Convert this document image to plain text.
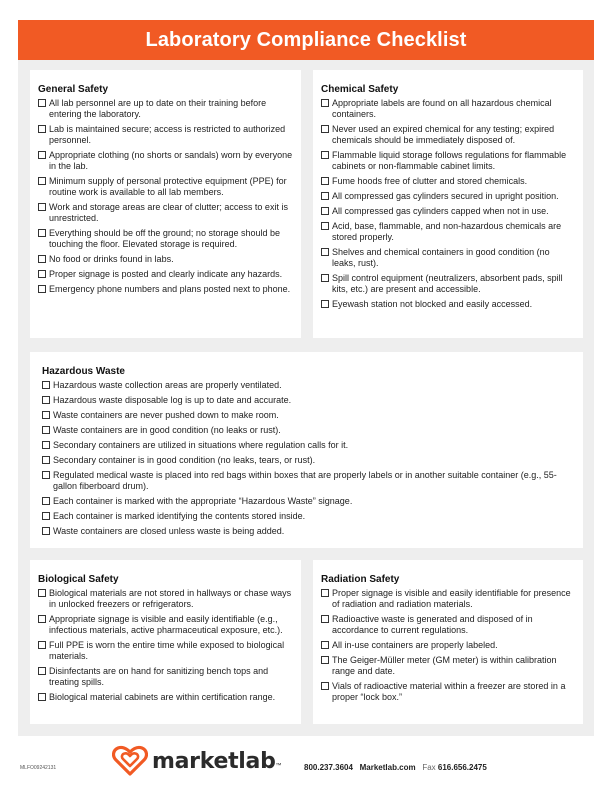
Laboratory Compliance Checklist
General Safety
All lab personnel are up to date on their training before entering the laboratory.
Lab is maintained secure; access is restricted to authorized personnel.
Appropriate clothing (no shorts or sandals) worn by everyone in the lab.
Minimum supply of personal protective equipment (PPE) for routine work is available to all lab members.
Work and storage areas are clear of clutter; access to exit is unrestricted.
Everything should be off the ground; no storage should be touching the floor. Elevated storage is required.
No food or drinks found in labs.
Proper signage is posted and clearly indicate any hazards.
Emergency phone numbers and plans posted next to phone.
Chemical Safety
Appropriate labels are found on all hazardous chemical containers.
Never used an expired chemical for any testing; expired chemicals should be immediately disposed of.
Flammable liquid storage follows regulations for flammable cabinets or non-flammable cabinet limits.
Fume hoods free of clutter and stored chemicals.
All compressed gas cylinders secured in upright position.
All compressed gas cylinders capped when not in use.
Acid, base, flammable, and non-hazardous chemicals are stored properly.
Shelves and chemical containers in good condition (no leaks, rust).
Spill control equipment (neutralizers, absorbent pads, spill kits, etc.) are present and accessible.
Eyewash station not blocked and easily accessed.
Hazardous Waste
Hazardous waste collection areas are properly ventilated.
Hazardous waste disposable log is up to date and accurate.
Waste containers are never pushed down to make room.
Waste containers are in good condition (no leaks or rust).
Secondary containers are utilized in situations where regulation calls for it.
Secondary container is in good condition (no leaks, tears, or rust).
Regulated medical waste is placed into red bags within boxes that are properly labels or in another suitable container (e.g., 55-gallon fiberboard drum).
Each container is marked with the appropriate “Hazardous Waste” signage.
Each container is marked identifying the contents stored inside.
Waste containers are closed unless waste is being added.
Biological Safety
Biological materials are not stored in hallways or chase ways in unlocked freezers or refrigerators.
Appropriate signage is visible and easily identifiable (e.g., infectious materials, active pharmaceutical exposure, etc.).
Full PPE is worn the entire time while exposed to biological materials.
Disinfectants are on hand for sanitizing bench tops and treating spills.
Biological material cabinets are within certification range.
Radiation Safety
Proper signage is visible and easily identifiable for presence of radiation and radiation materials.
Radioactive waste is generated and disposed of in accordance to current regulations.
All in-use containers are properly labeled.
The Geiger-Müller meter (GM meter) is within calibration range and date.
Vials of radioactive material within a freezer are stored in a proper “lock box.”
MLFO09242131	marketlab ™	800.237.3604 Marketlab.com Fax 616.656.2475
